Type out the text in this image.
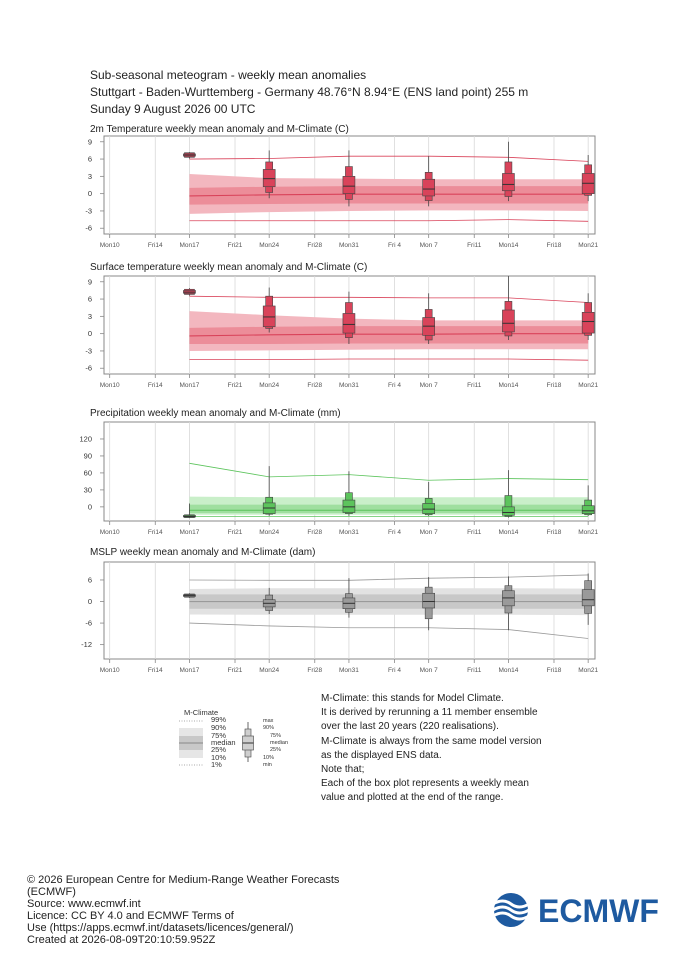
Sub-seasonal meteogram - weekly mean anomalies
Stuttgart - Baden-Wurttemberg - Germany 48.76°N 8.94°E (ENS land point) 255 m
Sunday 9 August 2026 00 UTC
2m Temperature weekly mean anomaly and M-Climate (C)
Surface temperature weekly mean anomaly and M-Climate (C)
Precipitation weekly mean anomaly and M-Climate (mm)
MSLP weekly mean anomaly and M-Climate (dam)
Mon10	Fri14	Mon17	Fri21	Mon24	Fri28	Mon31	Fri 4	Mon 7	Fri11	Mon14	Fri18	Mon21
-6
-3
0
3
6
9
Mon10	Fri14	Mon17	Fri21	Mon24	Fri28	Mon31	Fri 4	Mon 7	Fri11	Mon14	Fri18	Mon21
-6
-3
0
3
6
9
Mon10	Fri14	Mon17	Fri21	Mon24	Fri28	Mon31	Fri 4	Mon 7	Fri11	Mon14	Fri18	Mon21
0
30
60
90
120
Mon10	Fri14	Mon17	Fri21	Mon24	Fri28	Mon31	Fri 4	Mon 7	Fri11	Mon14	Fri18	Mon21
-12
-6
0
6
M-Climate
99%
90%
75%
median
25%
10%
1%
max
90%
75%
median
25%
10%
min
M-Climate: this stands for Model Climate.
It is derived by rerunning a 11 member ensemble
over the last 20 years (220 realisations).
M-Climate is always from the same model version
as the displayed ENS data.
Note that;
Each of the box plot represents a weekly mean
value and plotted at the end of the range.
© 2026 European Centre for Medium-Range Weather Forecasts
(ECMWF)
Source: www.ecmwf.int
Licence: CC BY 4.0 and ECMWF Terms of
Use (https://apps.ecmwf.int/datasets/licences/general/)
Created at 2026-08-09T20:10:59.952Z
ECMWF
